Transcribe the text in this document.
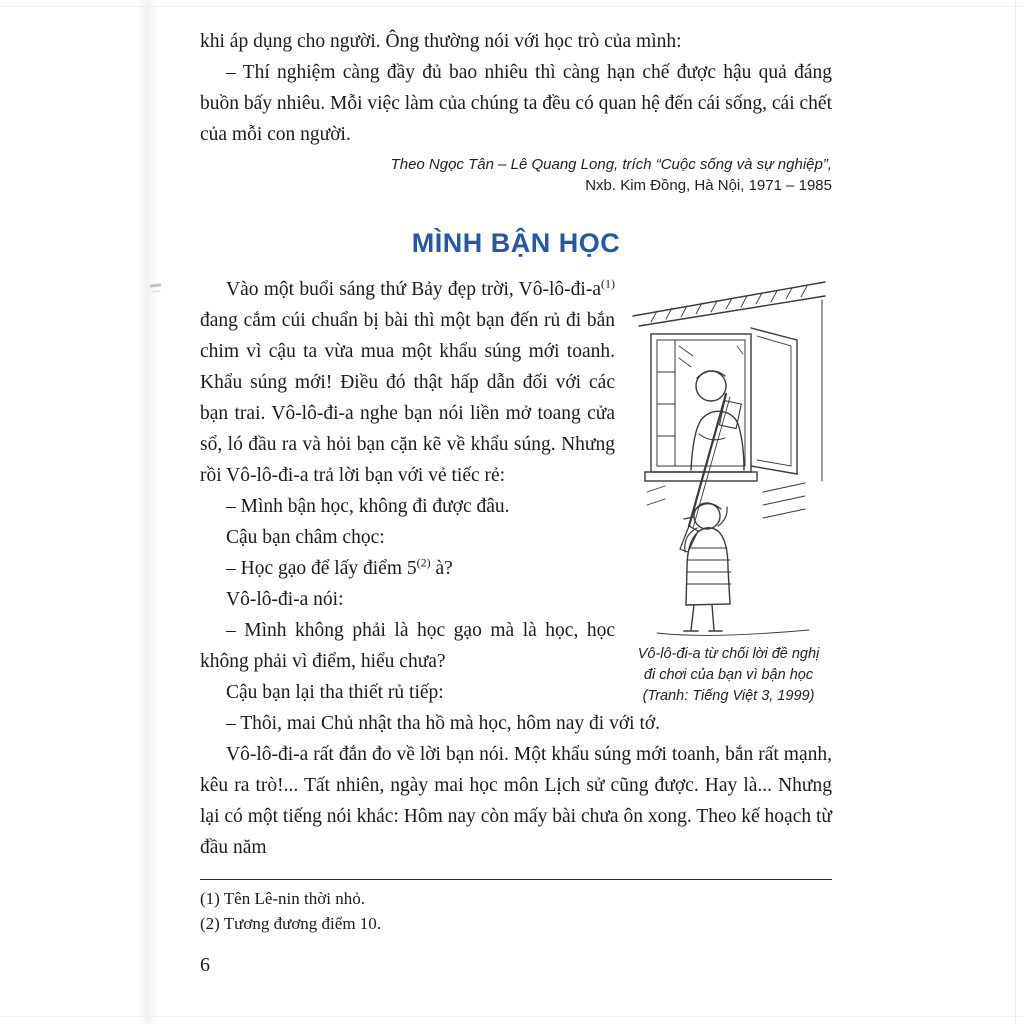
khi áp dụng cho người. Ông thường nói với học trò của mình:

– Thí nghiệm càng đầy đủ bao nhiêu thì càng hạn chế được hậu quả đáng buồn bấy nhiêu. Mỗi việc làm của chúng ta đều có quan hệ đến cái sống, cái chết của mỗi con người.

Theo Ngọc Tân – Lê Quang Long, trích “Cuộc sống và sự nghiệp”,
Nxb. Kim Đồng, Hà Nội, 1971 – 1985
MÌNH BẬN HỌC

Vào một buổi sáng thứ Bảy đẹp trời, $Vô-lô-đi-a^{(1)}$ đang cắm cúi chuẩn bị bài thì một bạn đến rủ đi bắn chim vì cậu ta vừa mua một khẩu súng mới toanh. Khẩu súng mới! Điều đó thật hấp dẫn đối với các bạn trai. Vô-lô-đi-a nghe bạn nói liền mở toang cửa sổ, ló đầu ra và hỏi bạn cặn kẽ về khẩu súng. Nhưng rồi Vô-lô-đi-a trả lời bạn với vẻ tiếc rẻ:

– Mình bận học, không đi được đâu.

Cậu bạn châm chọc:

– Học gạo để lấy điểm 5$^{(2)}$ à?

Vô-lô-đi-a nói:

– Mình không phải là học gạo mà là học, học không phải vì điểm, hiểu chưa?

Cậu bạn lại tha thiết rủ tiếp:

Vô-lô-đi-a từ chối lời đề nghị
đi chơi của bạn vì bận học
(Tranh: Tiếng Việt 3, 1999)

– Thôi, mai Chủ nhật tha hồ mà học, hôm nay đi với tớ.

Vô-lô-đi-a rất đắn đo về lời bạn nói. Một khẩu súng mới toanh, bắn rất mạnh, kêu ra trò!... Tất nhiên, ngày mai học môn Lịch sử cũng được. Hay là... Nhưng lại có một tiếng nói khác: Hôm nay còn mấy bài chưa ôn xong. Theo kế hoạch từ đầu năm

(1) Tên Lê-nin thời nhỏ.

(2) Tương đương điểm 10.

6
